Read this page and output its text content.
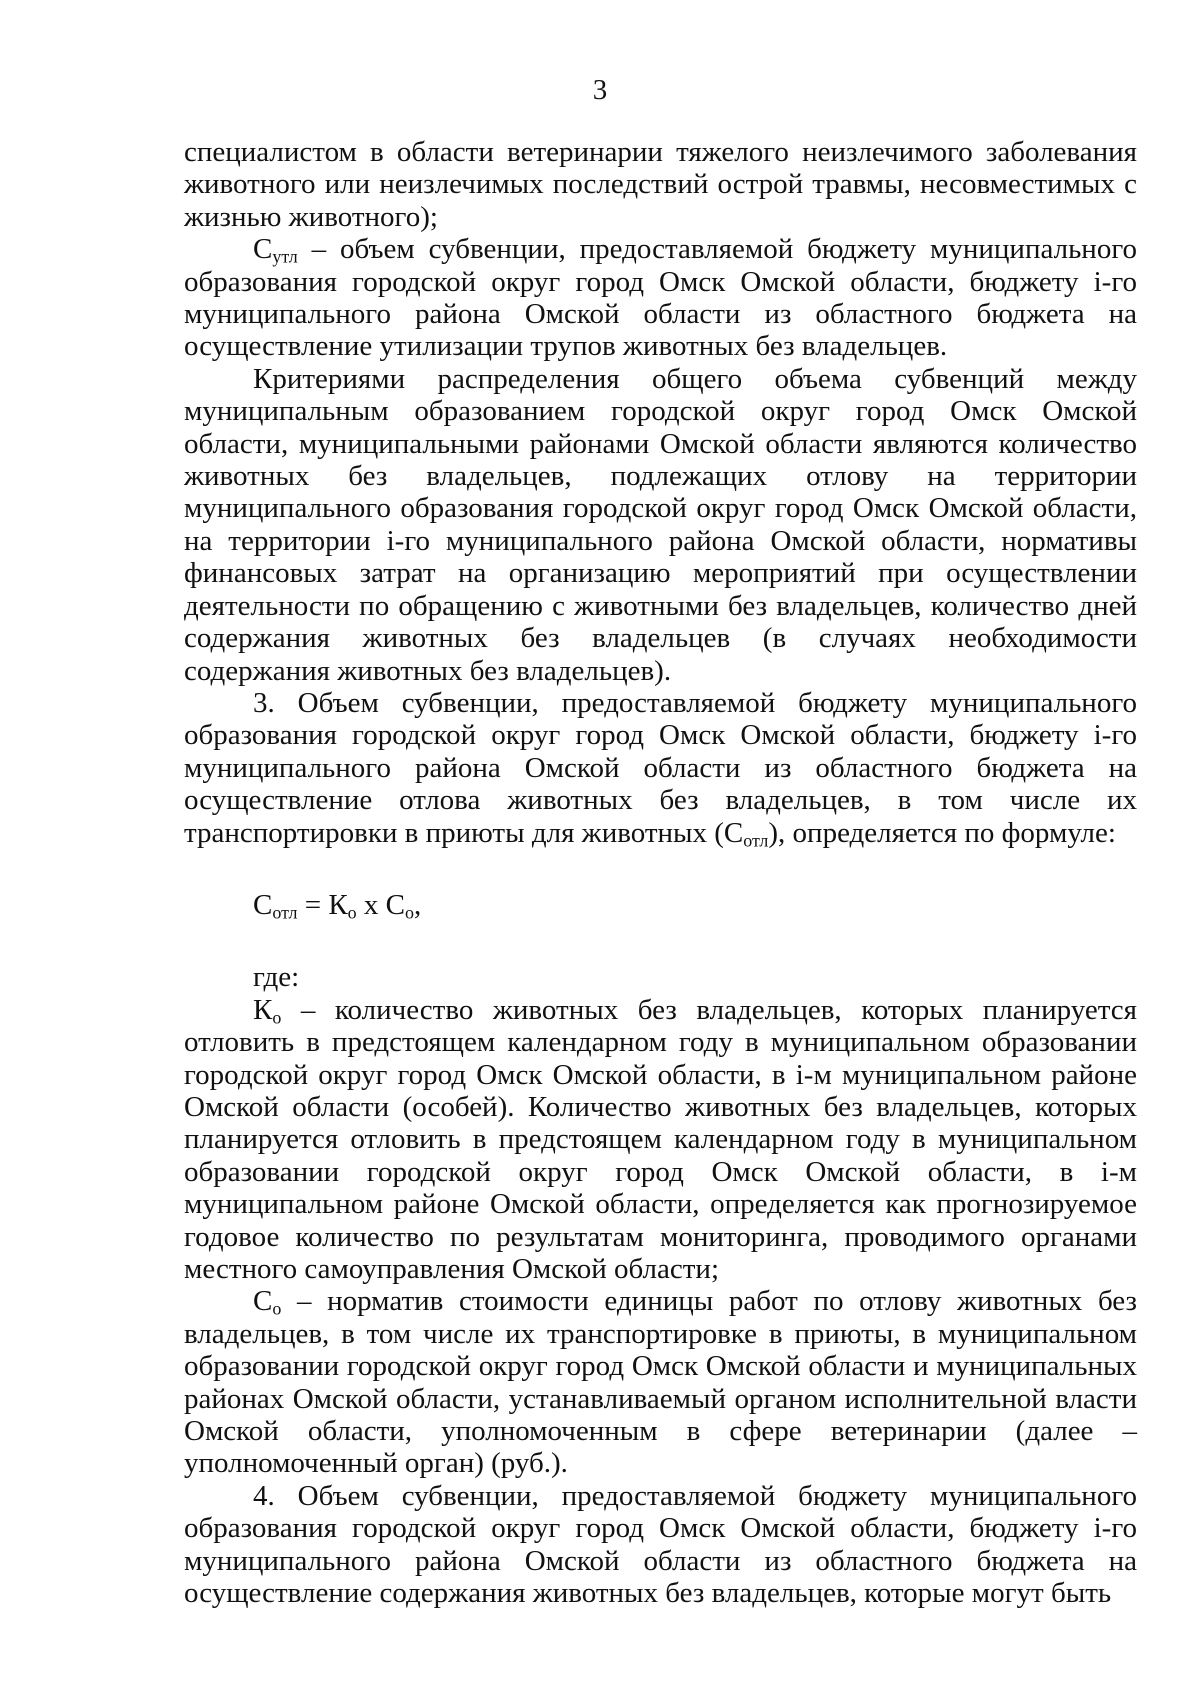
3

специалистом в области ветеринарии тяжелого неизлечимого заболевания животного или неизлечимых последствий острой травмы, несовместимых с жизнью животного);

$С_{утл}$ – объем субвенции, предоставляемой бюджету муниципального образования городской округ город Омск Омской области, бюджету i-го муниципального района Омской области из областного бюджета на осуществление утилизации трупов животных без владельцев.

Критериями распределения общего объема субвенций между муниципальным образованием городской округ город Омск Омской области, муниципальными районами Омской области являются количество животных без владельцев, подлежащих отлову на территории муниципального образования городской округ город Омск Омской области, на территории i-го муниципального района Омской области, нормативы финансовых затрат на организацию мероприятий при осуществлении деятельности по обращению с животными без владельцев, количество дней содержания животных без владельцев (в случаях необходимости содержания животных без владельцев).

3. Объем субвенции, предоставляемой бюджету муниципального образования городской округ город Омск Омской области, бюджету i-го муниципального района Омской области из областного бюджета на осуществление отлова животных без владельцев, в том числе их транспортировки в приюты для животных $(С_{отл})$, определяется по формуле:

$С_{отл} = К_о$ х $С_о$,

где:

$К_о$ – количество животных без владельцев, которых планируется отловить в предстоящем календарном году в муниципальном образовании городской округ город Омск Омской области, в i-м муниципальном районе Омской области (особей). Количество животных без владельцев, которых планируется отловить в предстоящем календарном году в муниципальном образовании городской округ город Омск Омской области, в i-м муниципальном районе Омской области, определяется как прогнозируемое годовое количество по результатам мониторинга, проводимого органами местного самоуправления Омской области;

$С_о$ – норматив стоимости единицы работ по отлову животных без владельцев, в том числе их транспортировке в приюты, в муниципальном образовании городской округ город Омск Омской области и муниципальных районах Омской области, устанавливаемый органом исполнительной власти Омской области, уполномоченным в сфере ветеринарии (далее – уполномоченный орган) (руб.).

4. Объем субвенции, предоставляемой бюджету муниципального образования городской округ город Омск Омской области, бюджету i-го муниципального района Омской области из областного бюджета на осуществление содержания животных без владельцев, которые могут быть
